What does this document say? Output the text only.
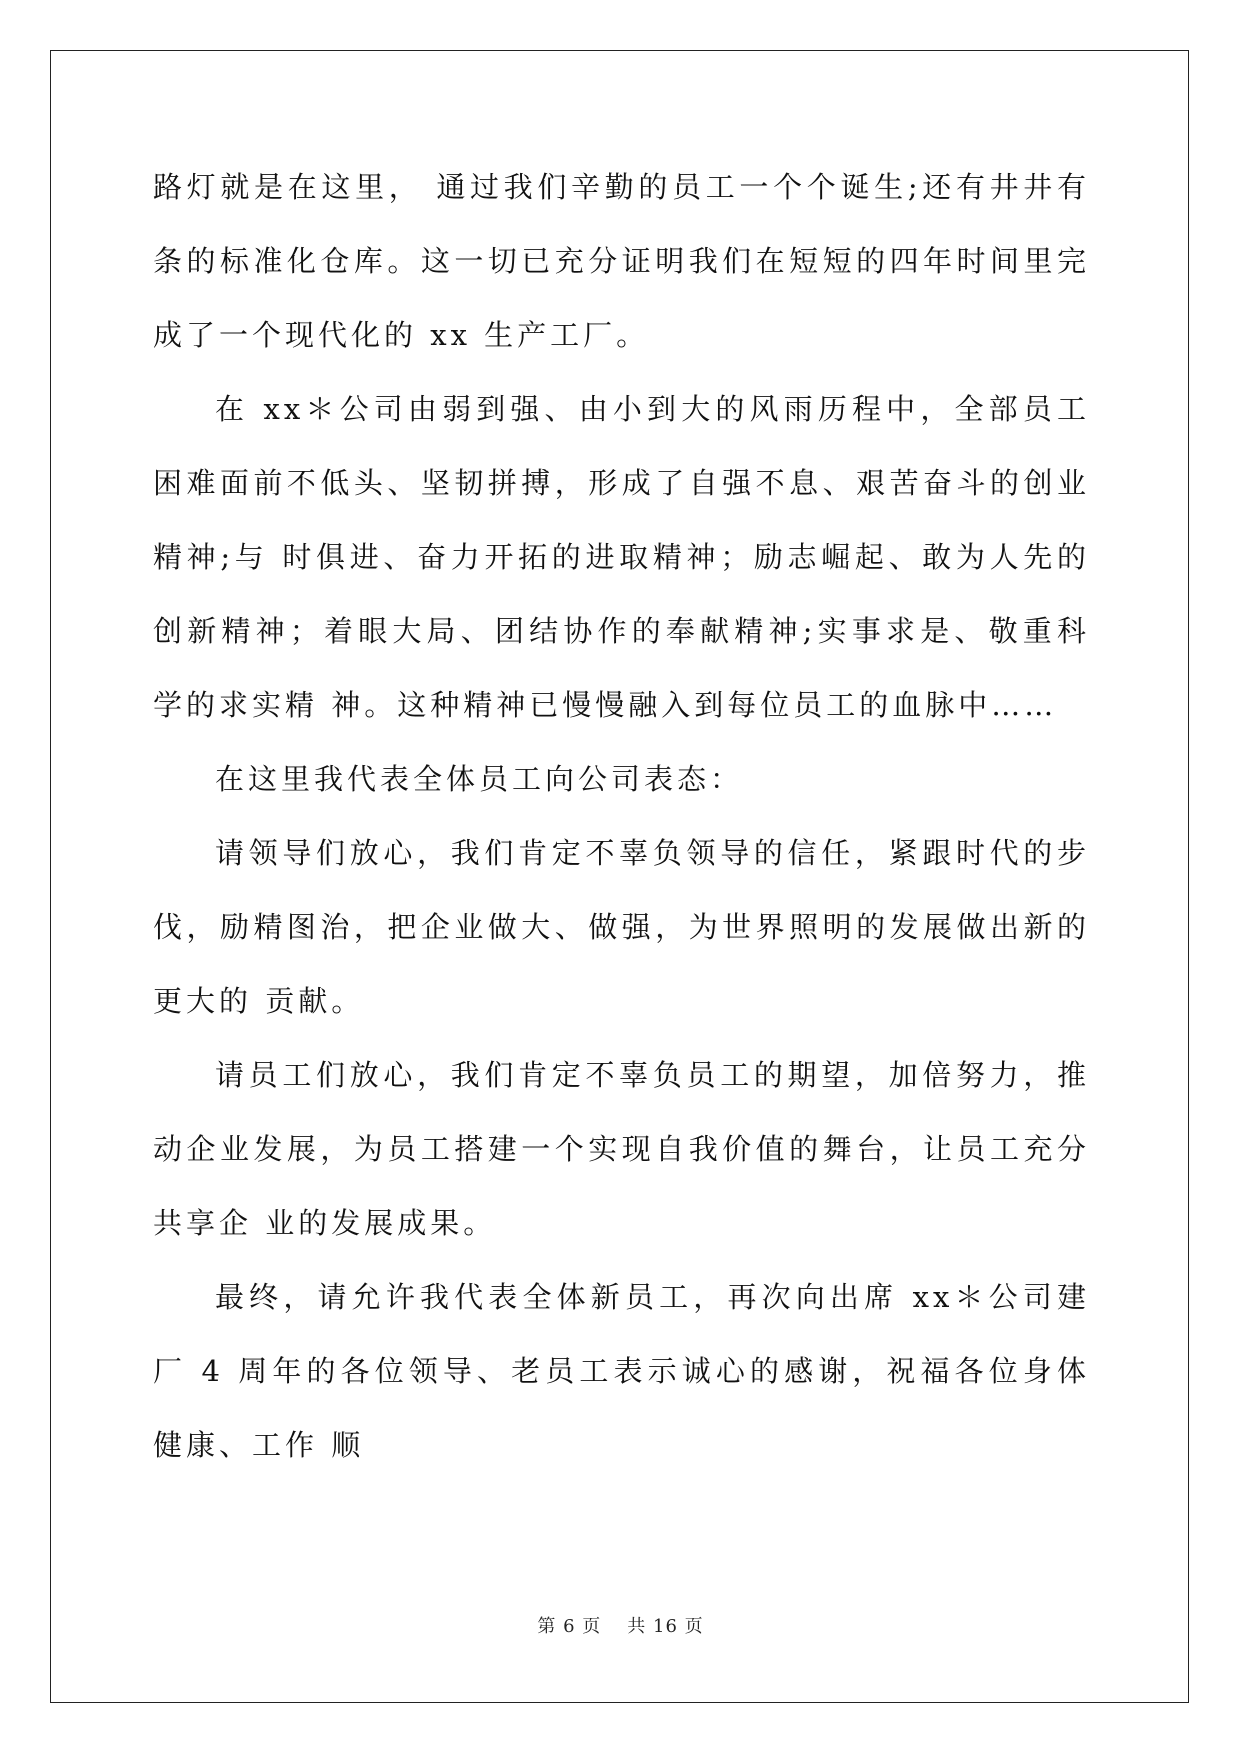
路灯就是在这里， 通过我们辛勤的员工一个个诞生;还有井井有条的标准化仓库。这一切已充分证明我们在短短的四年时间里完成了一个现代化的 xx 生产工厂。

在 xx＊公司由弱到强、由小到大的风雨历程中，全部员工困难面前不低头、坚韧拼搏，形成了自强不息、艰苦奋斗的创业精神;与 时俱进、奋力开拓的进取精神；励志崛起、敢为人先的创新精神；着眼大局、团结协作的奉献精神;实事求是、敬重科学的求实精 神。这种精神已慢慢融入到每位员工的血脉中……

在这里我代表全体员工向公司表态：

请领导们放心，我们肯定不辜负领导的信任，紧跟时代的步伐，励精图治，把企业做大、做强，为世界照明的发展做出新的更大的 贡献。

请员工们放心，我们肯定不辜负员工的期望，加倍努力，推动企业发展，为员工搭建一个实现自我价值的舞台，让员工充分共享企 业的发展成果。

最终，请允许我代表全体新员工，再次向出席 xx＊公司建厂 4 周年的各位领导、老员工表示诚心的感谢，祝福各位身体健康、工作 顺

第 6 页 共 16 页
